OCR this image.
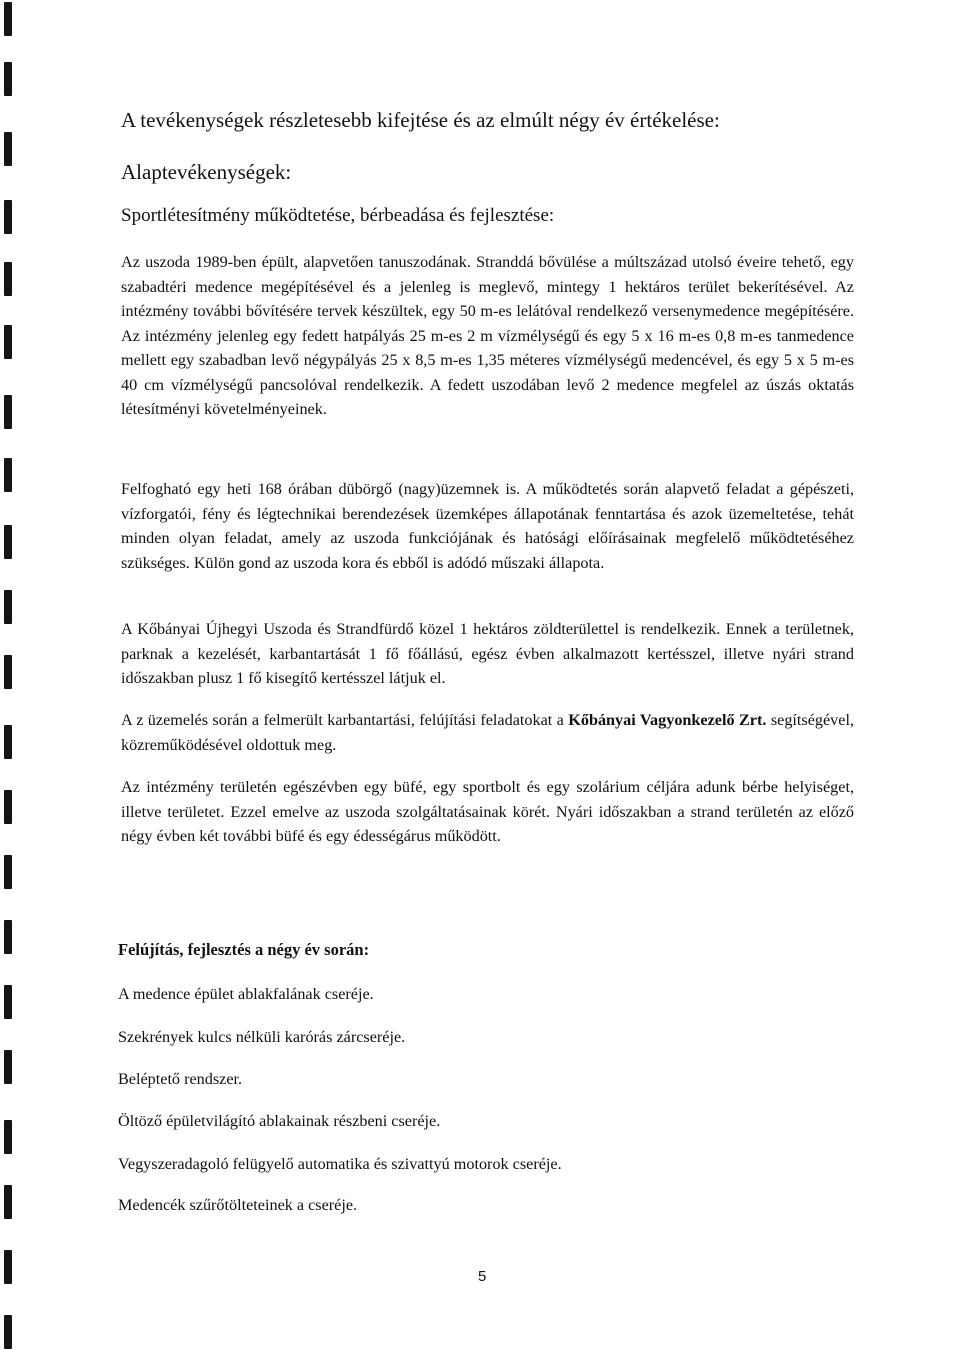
A tevékenységek részletesebb kifejtése és az elmúlt négy év értékelése:
Alaptevékenységek:
Sportlétesítmény működtetése, bérbeadása és fejlesztése:
Az uszoda 1989-ben épült, alapvetően tanuszodának. Stranddá bővülése a múltszázad utolsó éveire tehető, egy szabadtéri medence megépítésével és a jelenleg is meglevő, mintegy 1 hektáros terület bekerítésével. Az intézmény további bővítésére tervek készültek, egy 50 m-es lelátóval rendelkező versenymedence megépítésére. Az intézmény jelenleg egy fedett hatpályás 25 m-es 2 m vízmélységű és egy 5 x 16 m-es 0,8 m-es tanmedence mellett egy szabadban levő négypályás 25 x 8,5 m-es 1,35 méteres vízmélységű medencével, és egy 5 x 5 m-es 40 cm vízmélységű pancsolóval rendelkezik. A fedett uszodában levő 2 medence megfelel az úszás oktatás létesítményi követelményeinek.
Felfogható egy heti 168 órában dübörgő (nagy)üzemnek is. A működtetés során alapvető feladat a gépészeti, vízforgatói, fény és légtechnikai berendezések üzemképes állapotának fenntartása és azok üzemeltetése, tehát minden olyan feladat, amely az uszoda funkciójának és hatósági előírásainak megfelelő működtetéséhez szükséges. Külön gond az uszoda kora és ebből is adódó műszaki állapota.
A Kőbányai Újhegyi Uszoda és Strandfürdő közel 1 hektáros zöldterülettel is rendelkezik. Ennek a területnek, parknak a kezelését, karbantartását 1 fő főállású, egész évben alkalmazott kertésszel, illetve nyári strand időszakban plusz 1 fő kisegítő kertésszel látjuk el.
A z üzemelés során a felmerült karbantartási, felújítási feladatokat a Kőbányai Vagyonkezelő Zrt. segítségével, közreműködésével oldottuk meg.
Az intézmény területén egészévben egy büfé, egy sportbolt és egy szolárium céljára adunk bérbe helyiséget, illetve területet. Ezzel emelve az uszoda szolgáltatásainak körét. Nyári időszakban a strand területén az előző négy évben két további büfé és egy édességárus működött.
Felújítás, fejlesztés a négy év során:
A medence épület ablakfalának cseréje.
Szekrények kulcs nélküli karórás zárcseréje.
Beléptető rendszer.
Öltöző épületvilágító ablakainak részbeni cseréje.
Vegyszeradagoló felügyelő automatika és szivattyú motorok cseréje.
Medencék szűrőtölteteinek a cseréje.
5
